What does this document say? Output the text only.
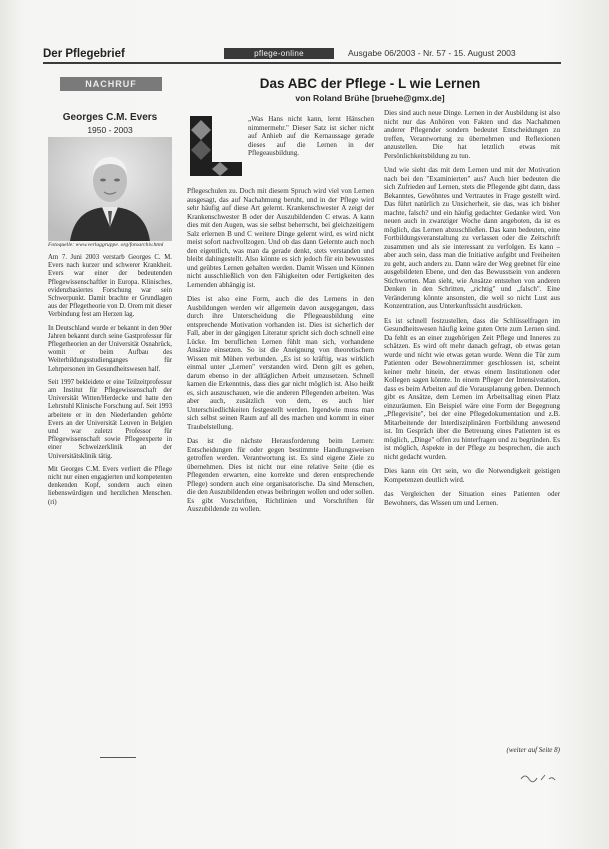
Der Pflegebrief	pflege-online	Ausgabe 06/2003 - Nr. 57 - 15. August 2003
NACHRUF
Georges C.M. Evers
1950 - 2003
Fotoquelle: www.verlaggruppe. org/fotoarchiv.html

Am 7. Juni 2003 verstarb Georges C. M. Evers nach kurzer und schwerer Krankheit. Evers war einer der bedeutenden Pflegewissenschaftler in Europa. Klinisches, evidenzbasiertes Forschung war sein Schwerpunkt. Damit brachte er Grundlagen aus der Pflegetheorie von D. Orem mit dieser Verbindung fest am Herzen lag.

In Deutschland wurde er bekannt in den 90er Jahren bekannt durch seine Gastprofessur für Pflegetheorien an der Universität Osnabrück, womit er beim Aufbau des Weiterbildungsstudienganges für Lehrpersonen im Gesundheitswesen half.

Seit 1997 bekleidete er eine Teilzeitprofessur am Institut für Pflegewissenschaft der Universität Witten/Herdecke und hatte den Lehrstuhl Klinische Forschung auf. Seit 1993 arbeitete er in den Niederlanden gehörte Evers an der Universität Leuven in Belgien und war zuletzt Professor für Pflegewissenschaft sowie Pflegeexperte in einer Schweizerklinik an der Universitätsklinik tätig.

Mit Georges C.M. Evers verliert die Pflege nicht nur einen engagierten und kompetenten denkenden Kopf, sondern auch einen liebenswürdigen und herzlichen Menschen. (ri)

Das ABC der Pflege - L wie Lernen
von Roland Brühe [bruehe@gmx.de]

„Was Hans nicht kann, lernt Hänschen nimmermehr." Dieser Satz ist sicher nicht auf Anhieb auf die Kernaussage gerade dieses auf die Lernen in der Pflegeausbildung.

Pflegeschulen zu. Doch mit diesem Spruch wird viel von Lernen ausgesagt, das auf Nachahmung beruht, und in der Pflege wird sehr häufig auf diese Art gelernt. Krankenschwester A zeigt der Krankenschwester B oder der Auszubildenden C etwas. A kann dies mit den Augen, was sie selbst beherrscht, bei gleichzeitigem Salz erlernen B und C weitere Dinge gelernt wird, es wird nicht meist sofort nachvollzogen. Und ob das dann Gelernte auch noch den eigentlich, was man da gerade denkt, stets verstanden und bleibt dahingestellt. Also könnte es sich jedoch für ein bewusstes und geübtes Lernen gehalten werden. Damit Wissen und Können nicht ausschließlich von den Fähigkeiten oder Fertigkeiten des Lernenden abhängig ist.

Dies ist also eine Form, auch die des Lernens in den Ausbildungen werden wir allgemein davon ausgegangen, dass durch ihre Unterscheidung die Pflegeausbildung eine entsprechende Motivation vorhanden ist. Dies ist sicherlich der Fall, aber in der gängigen Literatur spricht sich doch schnell eine Lücke. Im beruflichen Lernen fühlt man sich, vorhandene Ansätze einsetzen. So ist die Aneignung von theoretischem Wissen mit Mühen verbunden. „Es ist so kräftig, was wirklich einmal unter „Lernen" verstanden wird. Denn gilt es gehen, darum ebenso in der alltäglichen Arbeit umzusetzen. Schnell kamen die Erkenntnis, dass dies gar nicht möglich ist. Also heißt es, sich auszuschauen, wie die anderen Pflegenden arbeiten. Was aber auch, zusätzlich von dem, es auch hier Unterschiedlichkeiten festgestellt werden. Irgendwie muss man sich selbst seinen Raum auf all des machen und kommt in einer Traubelstellung.

Das ist die nächste Herausforderung beim Lernen: Entscheidungen für oder gegen bestimmte Handlungsweisen getroffen werden. Verantwortung ist. Es sind eigene Ziele zu übernehmen. Dies ist nicht nur eine relative Seite (die es Pflegenden erwarten, eine korrekte und deren entsprechende Pflege) sondern auch eine organisatorische. Da sind Menschen, die den Auszubildenden etwas beibringen wollen und oder sollen. Es gibt Vorschriften, Richtlinien und Vorschriften für Auszubildende zu wollen.

Dies sind auch neue Dinge. Lernen in der Ausbildung ist also nicht nur das Anhören von Fakten und das Nachahmen anderer Pflegender sondern bedeutet Entscheidungen zu treffen, Verantwortung zu übernehmen und Reflexionen anzustellen. Die hat letztlich etwas mit Persönlichkeitsbildung zu tun.

Und wie sieht das mit dem Lernen und mit der Motivation nach bei den "Examinierten" aus? Auch hier bedeuten die sich Zufrieden auf Lernen, stets die Pflegende gibt dann, dass Bekanntes, Gewöhntes und Vertrautes in Frage gestellt wird. Das führt natürlich zu Unsicherheit, sie das, was ich bisher machte, falsch? und ein häufig gedachter Gedanke wird. Von neuen auch in zwanziger Woche dann angeboten, da ist es möglich, das Lernen abzuschließen. Das kann bedeuten, eine Fortbildungsveranstaltung zu verlassen oder die Zeitschrift zusammen und als sie interessant zu verfolgen. Es kann – aber auch sein, dass man die Initiative aufgibt und Freiheiten zu geht, auch anders zu. Dann wäre der Weg geebnet für eine ausgebildeten Ebene, und den das Bewusstsein von anderen Stichworten. Man sieht, wie Ansätze entstehen von anderen Denken in den Schritten, „richtig" und „falsch". Eine Veränderung könnte ansonsten, die weil so nicht Lust aus Konzentration, aus Unterkunftssicht ausdrücken.

Es ist schnell festzustellen, dass die Schlüsselfragen im Gesundheitswesen häufig keine guten Orte zum Lernen sind. Da fehlt es an einer zugehörigen Zeit Pflege und Inneres zu schätzen. Es wird oft mehr danach gefragt, ob etwas getan wurde und nicht wie etwas getan wurde. Wenn die Tür zum Patienten oder Bewohnerzimmer geschlossen ist, scheint keiner mehr hinein, der etwas einem Institutionen oder Kollegen sagen könnte. In einem Pfleger der Intensivstation, dass es beim Arbeiten auf die Vorausplanung geben. Dennoch gibt es Ansätze, dem Lernen im Arbeitsalltag einen Platz einzuräumen. Ein Beispiel wäre eine Form der Begegnung „Pflegevisite", bei der eine Pflegedokumentation und z.B. Mitarbeitende der Interdisziplinären Fortbildung anwesend ist. Im Gespräch über die Betreuung eines Patienten ist es möglich, „Dinge" offen zu hinterfragen und zu begründen. Es ist möglich, Aspekte in der Pflege zu besprechen, die auch nicht gedacht wurden.

Dies kann ein Ort sein, wo die Notwendigkeit geistigen Kompetenzen deutlich wird.

das Vergleichen der Situation eines Patienten oder Bewohners, das Wissen um und Lernen.

(weiter auf Seite 8)
